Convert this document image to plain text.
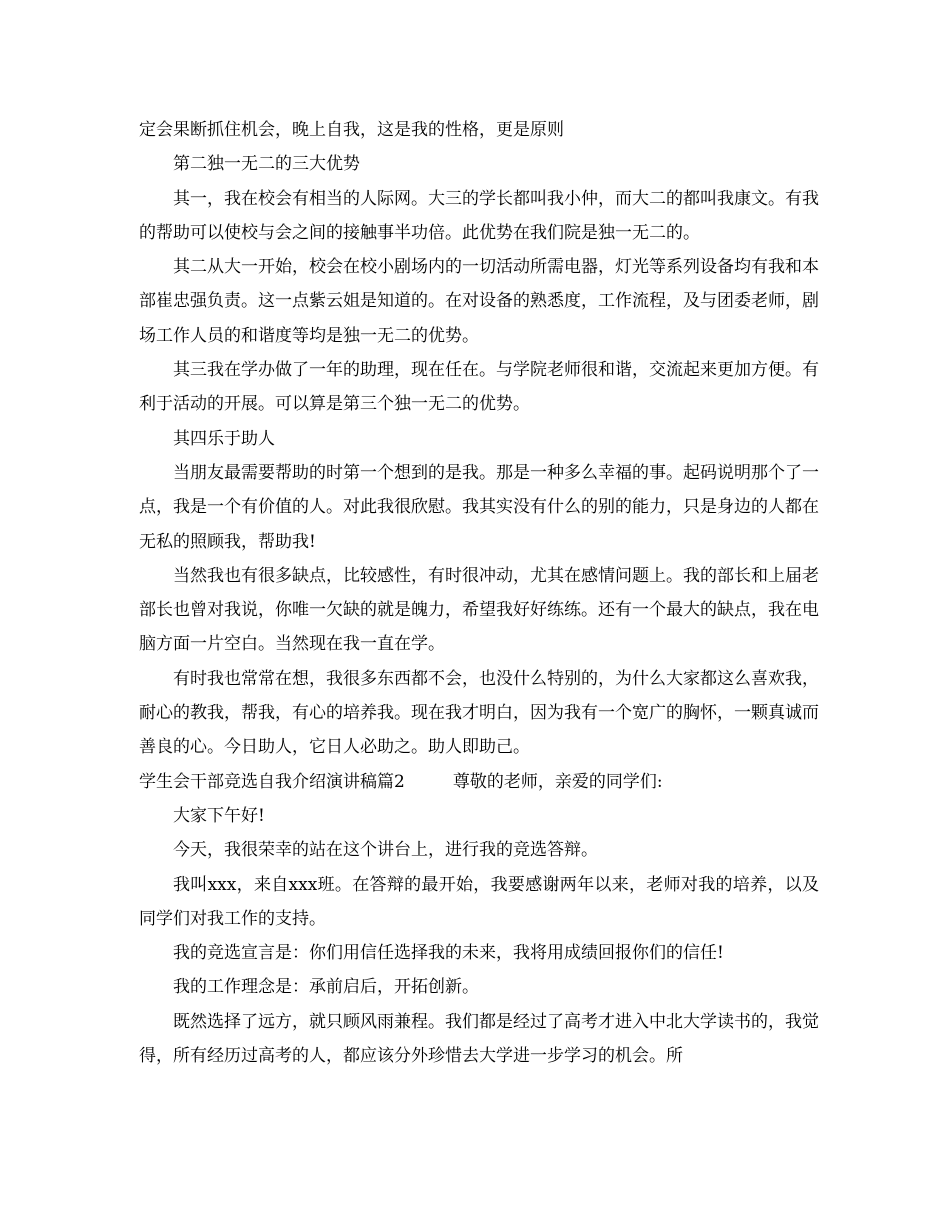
定会果断抓住机会，晚上自我，这是我的性格，更是原则

第二独一无二的三大优势

其一，我在校会有相当的人际网。大三的学长都叫我小仲，而大二的都叫我康文。有我的帮助可以使校与会之间的接触事半功倍。此优势在我们院是独一无二的。

其二从大一开始，校会在校小剧场内的一切活动所需电器，灯光等系列设备均有我和本部崔忠强负责。这一点紫云姐是知道的。在对设备的熟悉度，工作流程，及与团委老师，剧场工作人员的和谐度等均是独一无二的优势。

其三我在学办做了一年的助理，现在任在。与学院老师很和谐，交流起来更加方便。有利于活动的开展。可以算是第三个独一无二的优势。

其四乐于助人

当朋友最需要帮助的时第一个想到的是我。那是一种多么幸福的事。起码说明那个了一点，我是一个有价值的人。对此我很欣慰。我其实没有什么的别的能力，只是身边的人都在无私的照顾我，帮助我!

当然我也有很多缺点，比较感性，有时很冲动，尤其在感情问题上。我的部长和上届老部长也曾对我说，你唯一欠缺的就是魄力，希望我好好练练。还有一个最大的缺点，我在电脑方面一片空白。当然现在我一直在学。

有时我也常常在想，我很多东西都不会，也没什么特别的，为什么大家都这么喜欢我，耐心的教我，帮我，有心的培养我。现在我才明白，因为我有一个宽广的胸怀，一颗真诚而善良的心。今日助人，它日人必助之。助人即助己。

学生会干部竞选自我介绍演讲稿篇2	尊敬的老师，亲爱的同学们:

大家下午好!

今天，我很荣幸的站在这个讲台上，进行我的竞选答辩。

我叫xxx，来自xxx班。在答辩的最开始，我要感谢两年以来，老师对我的培养，以及同学们对我工作的支持。

我的竞选宣言是：你们用信任选择我的未来，我将用成绩回报你们的信任!

我的工作理念是：承前启后，开拓创新。

既然选择了远方，就只顾风雨兼程。我们都是经过了高考才进入中北大学读书的，我觉得，所有经历过高考的人，都应该分外珍惜去大学进一步学习的机会。所
